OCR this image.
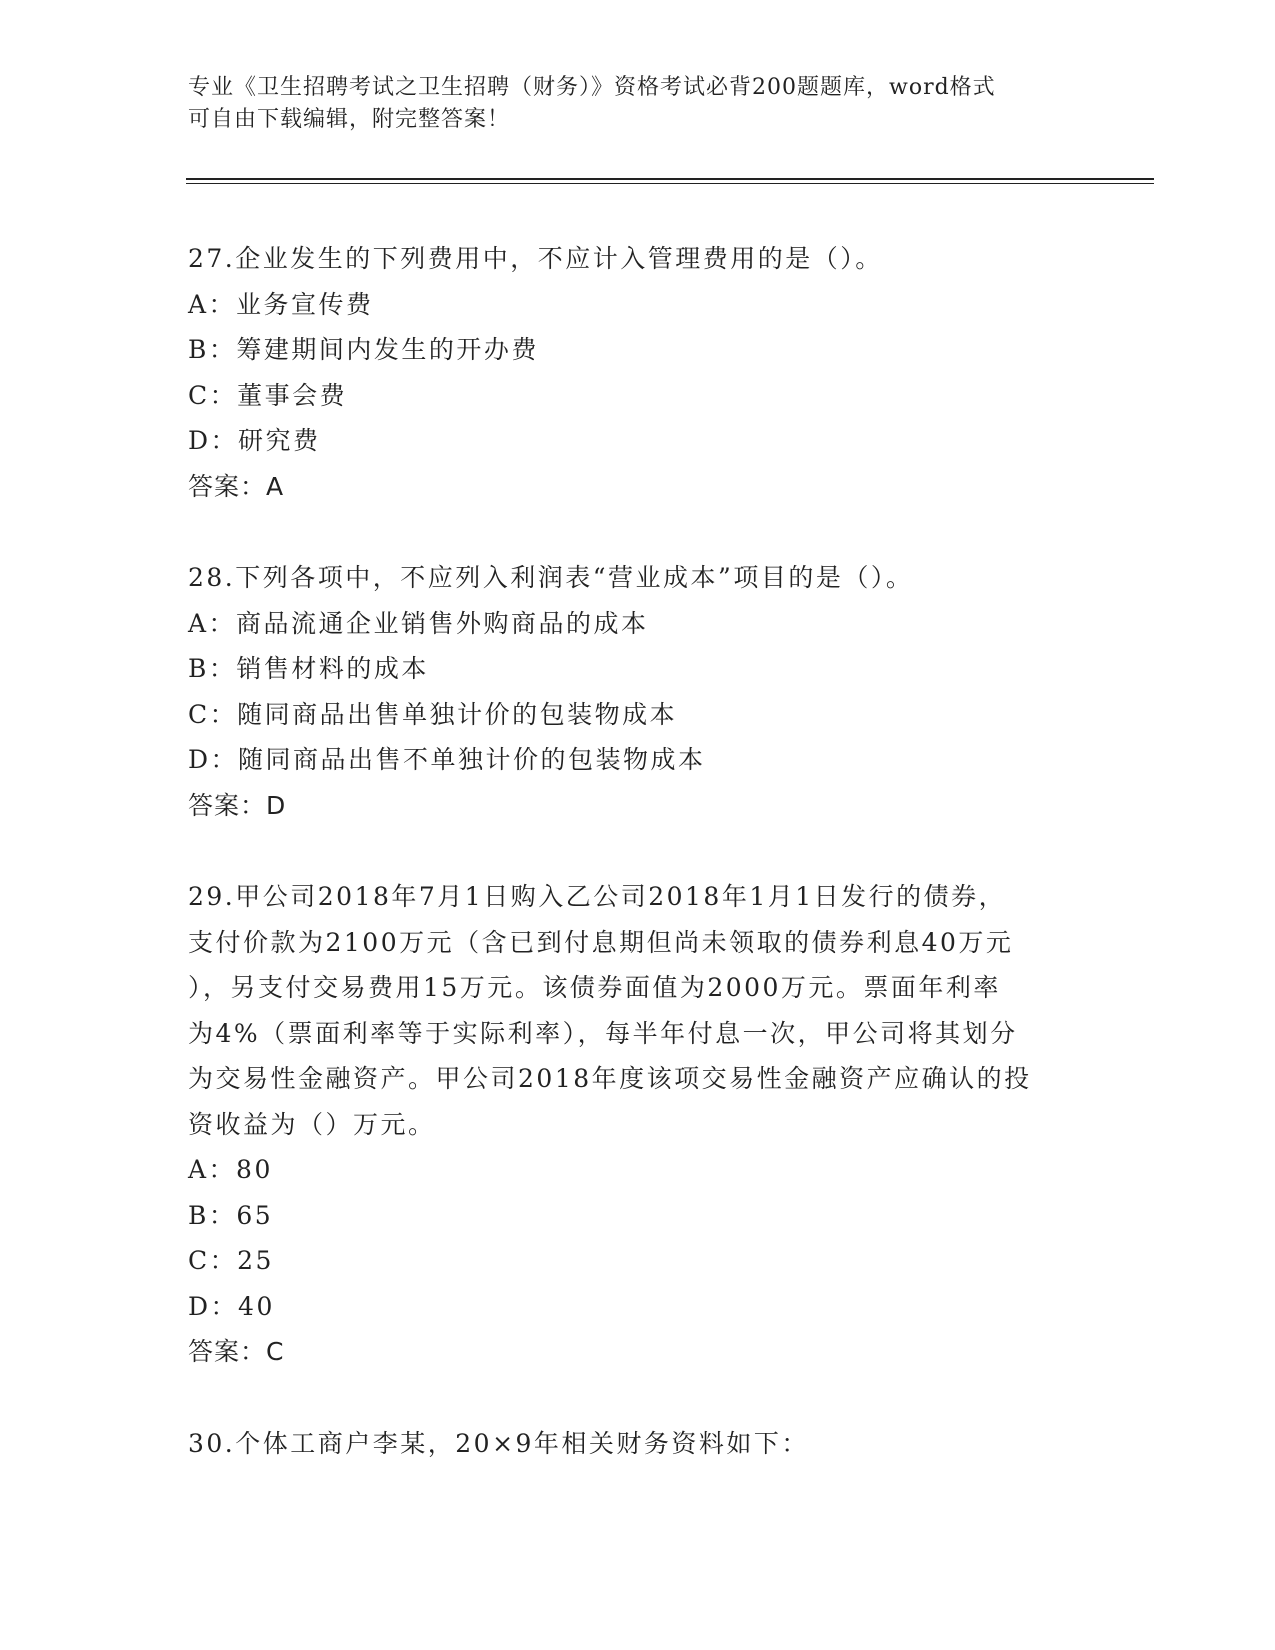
专业《卫生招聘考试之卫生招聘（财务）》资格考试必背200题题库，word格式
可自由下载编辑，附完整答案！
27.企业发生的下列费用中，不应计入管理费用的是（）。
A：业务宣传费
B：筹建期间内发生的开办费
C：董事会费
D：研究费
答案：A
28.下列各项中，不应列入利润表“营业成本”项目的是（）。
A：商品流通企业销售外购商品的成本
B：销售材料的成本
C：随同商品出售单独计价的包装物成本
D：随同商品出售不单独计价的包装物成本
答案：D
29.甲公司2018年7月1日购入乙公司2018年1月1日发行的债券，
支付价款为2100万元（含已到付息期但尚未领取的债券利息40万元
），另支付交易费用15万元。该债券面值为2000万元。票面年利率
为4%（票面利率等于实际利率），每半年付息一次，甲公司将其划分
为交易性金融资产。甲公司2018年度该项交易性金融资产应确认的投
资收益为（）万元。
A：80
B：65
C：25
D：40
答案：C
30.个体工商户李某，20×9年相关财务资料如下：
